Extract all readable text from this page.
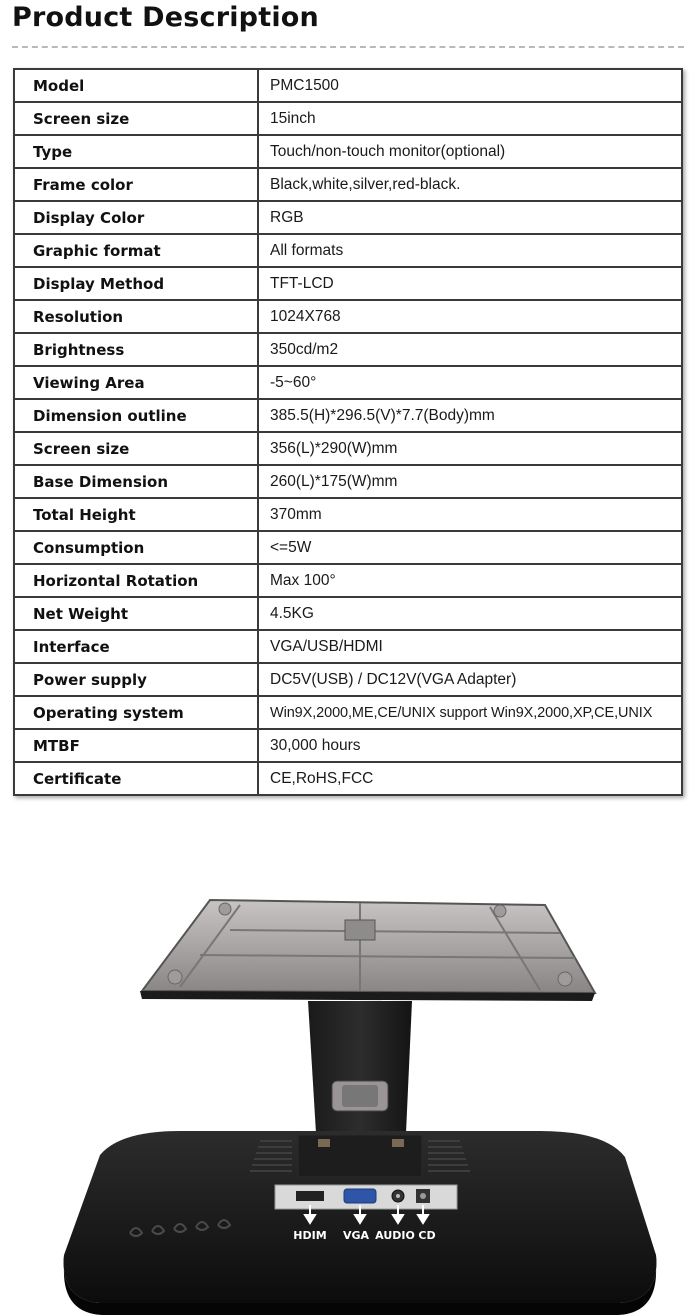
Product Description
Model	PMC1500
Screen size	15inch
Type	Touch/non-touch monitor(optional)
Frame color	Black,white,silver,red-black.
Display Color	RGB
Graphic format	All formats
Display Method	TFT-LCD
Resolution	1024X768
Brightness	350cd/m2
Viewing Area	-5~60°
Dimension outline	385.5(H)*296.5(V)*7.7(Body)mm
Screen size	356(L)*290(W)mm
Base Dimension	260(L)*175(W)mm
Total Height	370mm
Consumption	<=5W
Horizontal Rotation	Max 100°
Net Weight	4.5KG
Interface	VGA/USB/HDMI
Power supply	DC5V(USB) / DC12V(VGA Adapter)
Operating system	Win9X,2000,ME,CE/UNIX support Win9X,2000,XP,CE,UNIX
MTBF	30,000 hours
Certificate	CE,RoHS,FCC
HDIM VGA AUDIO CD
